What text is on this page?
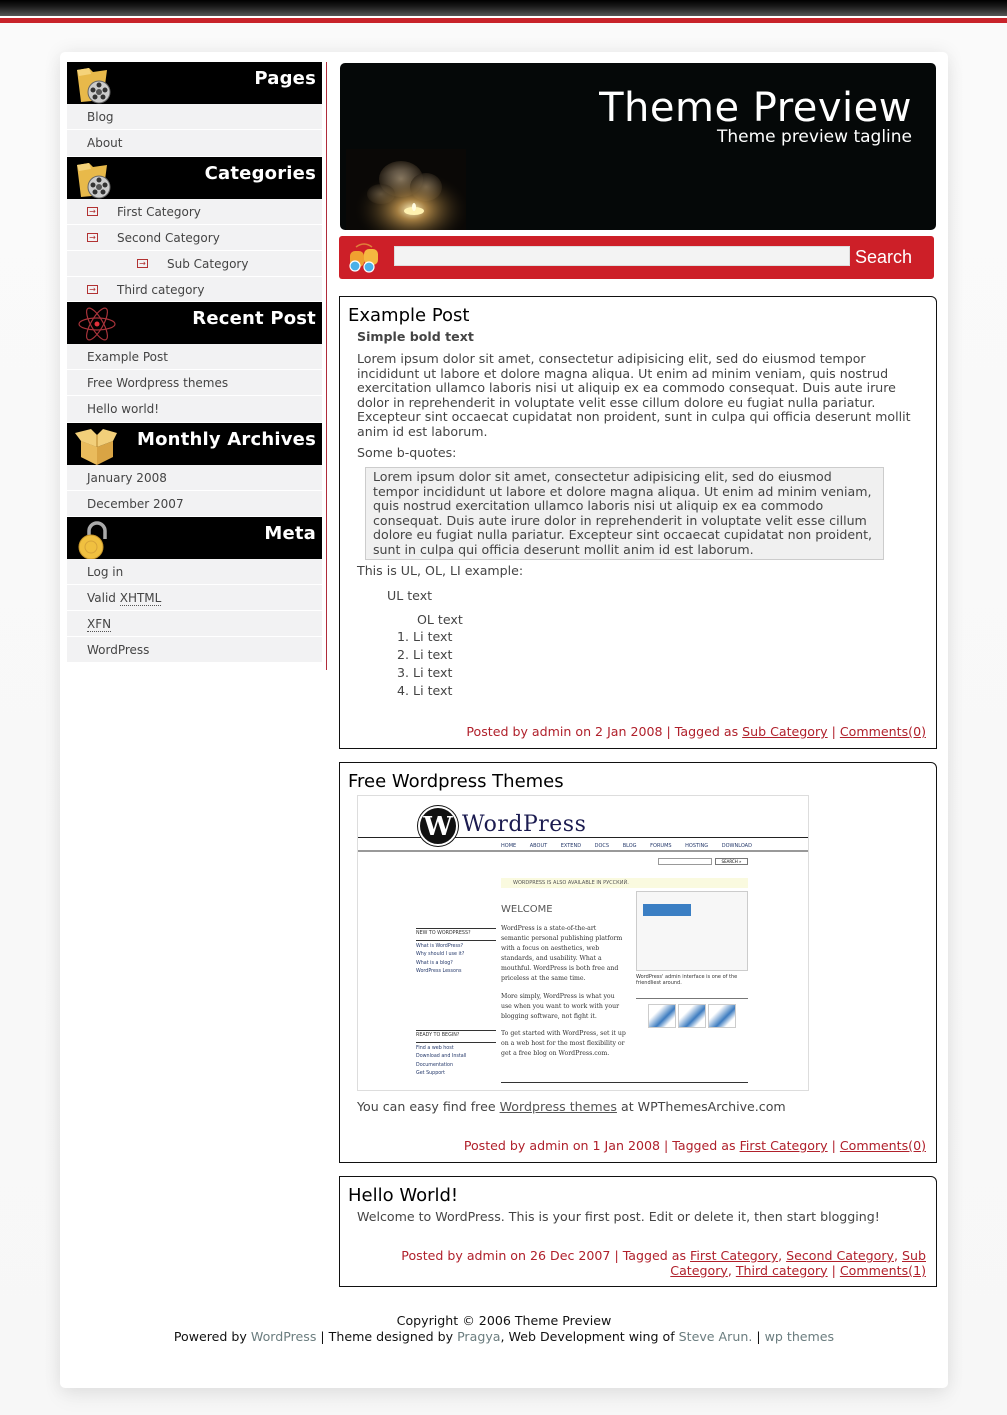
Pages
Blog
About
Categories
→ First Category
→ Second Category
→ Sub Category
→ Third category
Recent Post
Example Post
Free Wordpress themes
Hello world!
Monthly Archives
January 2008
December 2007
Meta
Log in
Valid XHTML
XFN
WordPress
Theme Preview
Theme preview tagline
Search
Example Post
Simple bold text
Lorem ipsum dolor sit amet, consectetur adipisicing elit, sed do eiusmod tempor incididunt ut labore et dolore magna aliqua. Ut enim ad minim veniam, quis nostrud exercitation ullamco laboris nisi ut aliquip ex ea commodo consequat. Duis aute irure dolor in reprehenderit in voluptate velit esse cillum dolore eu fugiat nulla pariatur. Excepteur sint occaecat cupidatat non proident, sunt in culpa qui officia deserunt mollit anim id est laborum.
Some b-quotes:
Lorem ipsum dolor sit amet, consectetur adipisicing elit, sed do eiusmod tempor incididunt ut labore et dolore magna aliqua. Ut enim ad minim veniam, quis nostrud exercitation ullamco laboris nisi ut aliquip ex ea commodo consequat. Duis aute irure dolor in reprehenderit in voluptate velit esse cillum dolore eu fugiat nulla pariatur. Excepteur sint occaecat cupidatat non proident, sunt in culpa qui officia deserunt mollit anim id est laborum.
This is UL, OL, LI example:
UL text
OL text
1. Li text
2. Li text
3. Li text
4. Li text
Posted by admin on 2 Jan 2008 | Tagged as Sub Category | Comments(0)
Free Wordpress Themes
W WordPress
HOME ABOUT EXTEND DOCS BLOG FORUMS HOSTING DOWNLOAD
SEARCH »
WORDPRESS IS ALSO AVAILABLE IN РУССКИЙ.
WELCOME
WordPress is a state-of-the-art semantic personal publishing platform with a focus on aesthetics, web standards, and usability. What a mouthful. WordPress is both free and priceless at the same time.
More simply, WordPress is what you use when you want to work with your blogging software, not fight it.
To get started with WordPress, set it up on a web host for the most flexibility or get a free blog on WordPress.com.
NEW TO WORDPRESS?
What is WordPress?
Why should I use it?
What is a blog?
WordPress Lessons
READY TO BEGIN?
Find a web host
Download and Install
Documentation
Get Support
WordPress' admin interface is one of the friendliest around.
You can easy find free Wordpress themes at WPThemesArchive.com
Posted by admin on 1 Jan 2008 | Tagged as First Category | Comments(0)
Hello World!
Welcome to WordPress. This is your first post. Edit or delete it, then start blogging!
Posted by admin on 26 Dec 2007 | Tagged as First Category, Second Category, Sub Category, Third category | Comments(1)
Copyright © 2006 Theme Preview
Powered by WordPress | Theme designed by Pragya, Web Development wing of Steve Arun. | wp themes
